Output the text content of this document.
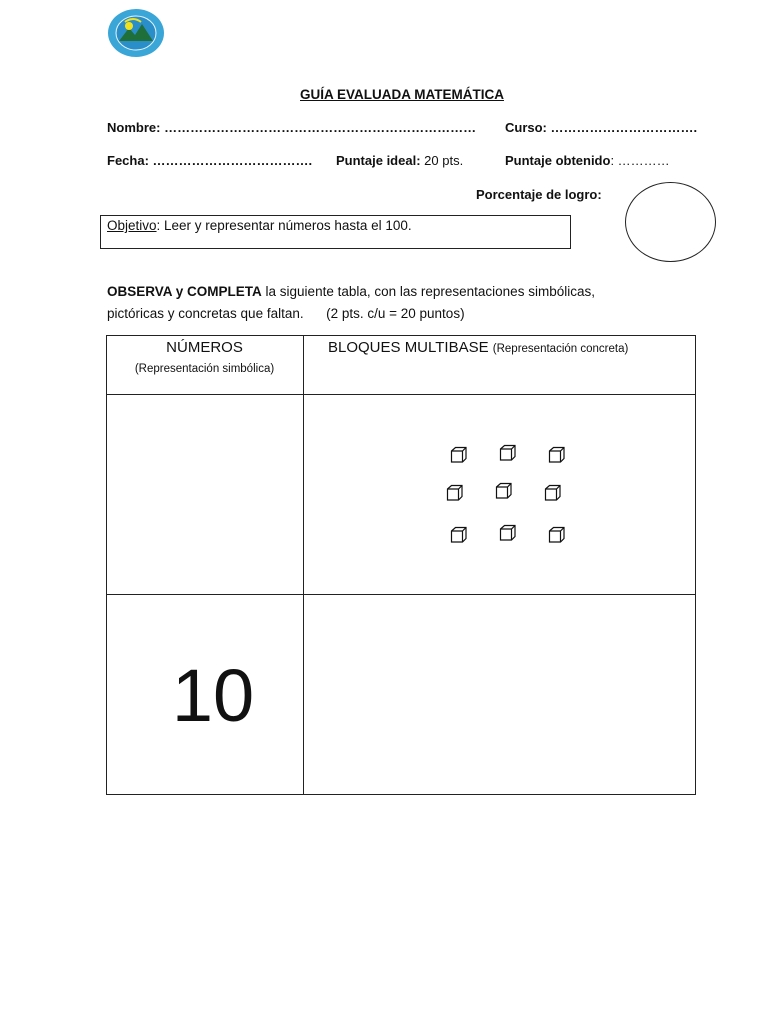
GUÍA EVALUADA MATEMÁTICA
Nombre: ……………………………………………………………… Curso: …………………………….
Fecha: ………………………………. Puntaje ideal: 20 pts.	Puntaje obtenido: …………
Porcentaje de logro:
Objetivo: Leer y representar números hasta el 100.
OBSERVA y COMPLETA la siguiente tabla, con las representaciones simbólicas,
pictóricas y concretas que faltan.      (2 pts. c/u = 20 puntos)
NÚMEROS
(Representación simbólica)
BLOQUES MULTIBASE (Representación concreta)
10
